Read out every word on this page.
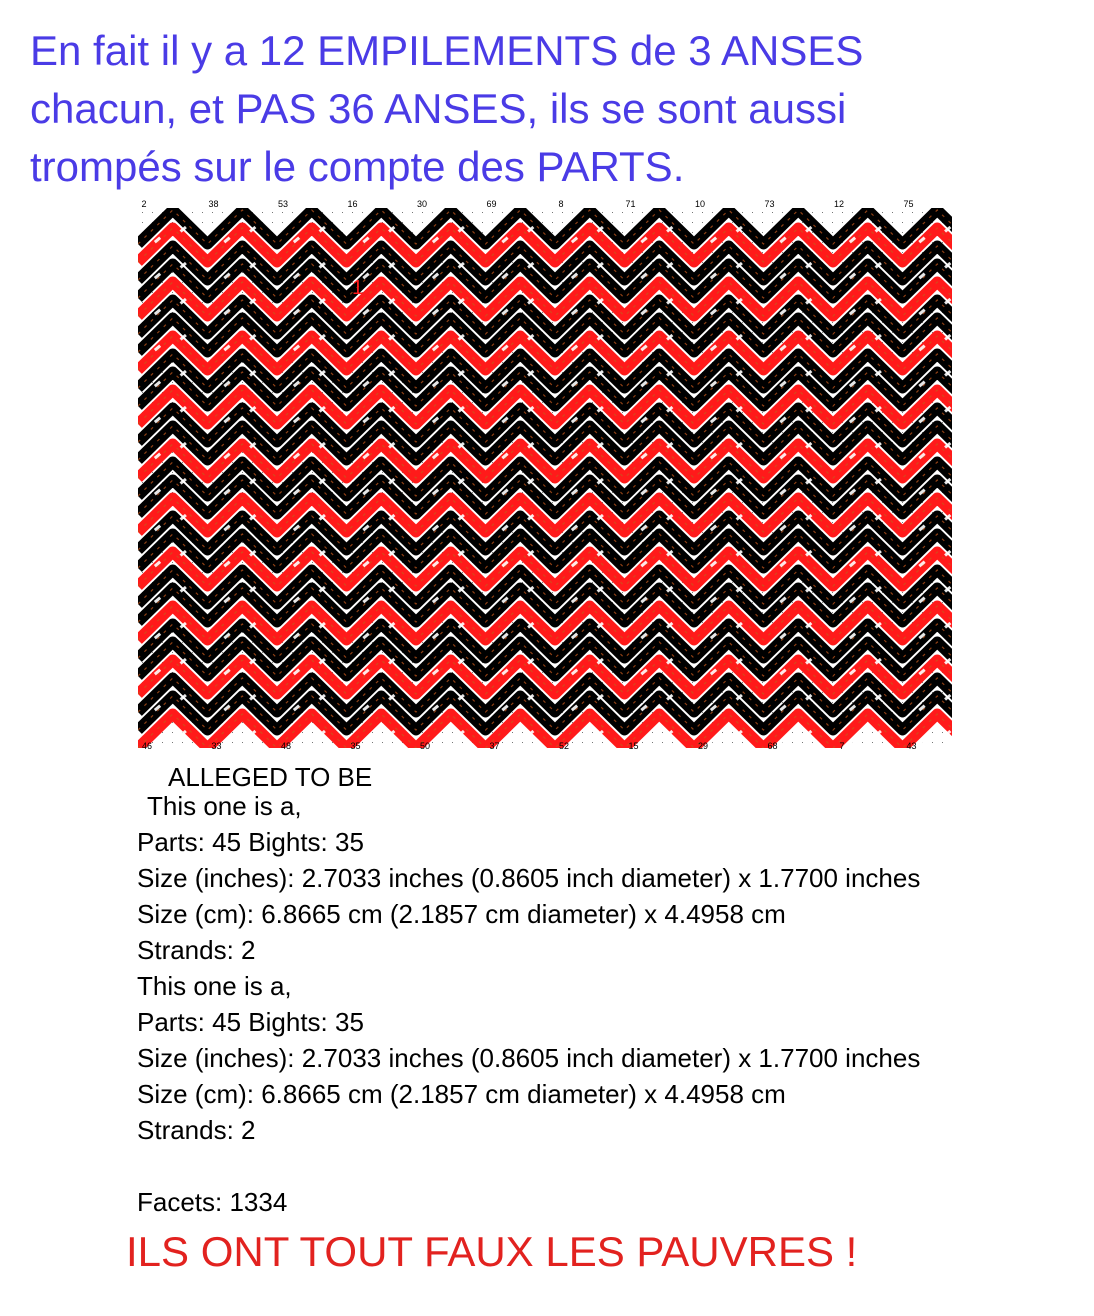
En fait il y a 12 EMPILEMENTS de 3 ANSES
chacun, et PAS 36 ANSES, ils se sont aussi
trompés sur le compte des PARTS.
2	38	53	16	30	69	8	71	10	73	12	75
46	33	48	35	50	37	52	15	29	68	7	43
1
ALLEGED TO BE
This one is a,
Parts: 45 Bights: 35
Size (inches): 2.7033 inches (0.8605 inch diameter) x 1.7700 inches
Size (cm): 6.8665 cm (2.1857 cm diameter) x 4.4958 cm
Strands: 2
This one is a,
Parts: 45 Bights: 35
Size (inches): 2.7033 inches (0.8605 inch diameter) x 1.7700 inches
Size (cm): 6.8665 cm (2.1857 cm diameter) x 4.4958 cm
Strands: 2
Facets: 1334
ILS ONT TOUT FAUX LES PAUVRES !
